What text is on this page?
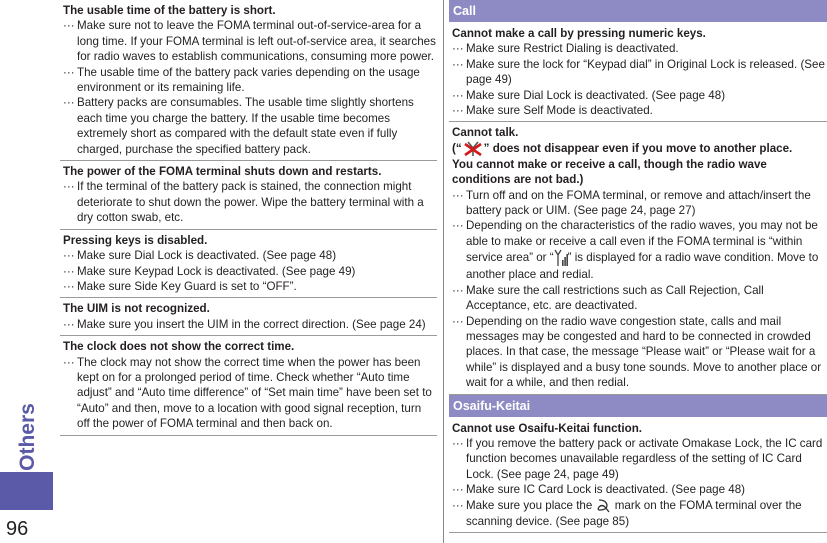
Others
96
The usable time of the battery is short.
··· Make sure not to leave the FOMA terminal out-of-service-area for a long time. If your FOMA terminal is left out-of-service area, it searches for radio waves to establish communications, consuming more power.
··· The usable time of the battery pack varies depending on the usage environment or its remaining life.
··· Battery packs are consumables. The usable time slightly shortens each time you charge the battery. If the usable time becomes extremely short as compared with the default state even if fully charged, purchase the specified battery pack.
The power of the FOMA terminal shuts down and restarts.
··· If the terminal of the battery pack is stained, the connection might deteriorate to shut down the power. Wipe the battery terminal with a dry cotton swab, etc.
Pressing keys is disabled.
··· Make sure Dial Lock is deactivated. (See page 48)
··· Make sure Keypad Lock is deactivated. (See page 49)
··· Make sure Side Key Guard is set to “OFF”.
The UIM is not recognized.
··· Make sure you insert the UIM in the correct direction. (See page 24)
The clock does not show the correct time.
··· The clock may not show the correct time when the power has been kept on for a prolonged period of time. Check whether “Auto time adjust” and “Auto time difference” of “Set main time” have been set to “Auto” and then, move to a location with good signal reception, turn off the power of FOMA terminal and then back on.
Call
Cannot make a call by pressing numeric keys.
··· Make sure Restrict Dialing is deactivated.
··· Make sure the lock for “Keypad dial” in Original Lock is released. (See page 49)
··· Make sure Dial Lock is deactivated. (See page 48)
··· Make sure Self Mode is deactivated.
Cannot talk.
(“ ” does not disappear even if you move to another place.
You cannot make or receive a call, though the radio wave conditions are not bad.)
··· Turn off and on the FOMA terminal, or remove and attach/insert the battery pack or UIM. (See page 24, page 27)
··· Depending on the characteristics of the radio waves, you may not be able to make or receive a call even if the FOMA terminal is “within service area” or “ ” is displayed for a radio wave condition. Move to another place and redial.
··· Make sure the call restrictions such as Call Rejection, Call Acceptance, etc. are deactivated.
··· Depending on the radio wave congestion state, calls and mail messages may be congested and hard to be connected in crowded places. In that case, the message “Please wait” or “Please wait for a while” is displayed and a busy tone sounds. Move to another place or wait for a while, and then redial.
Osaifu-Keitai
Cannot use Osaifu-Keitai function.
··· If you remove the battery pack or activate Omakase Lock, the IC card function becomes unavailable regardless of the setting of IC Card Lock. (See page 24, page 49)
··· Make sure IC Card Lock is deactivated. (See page 48)
··· Make sure you place the  mark on the FOMA terminal over the scanning device. (See page 85)
